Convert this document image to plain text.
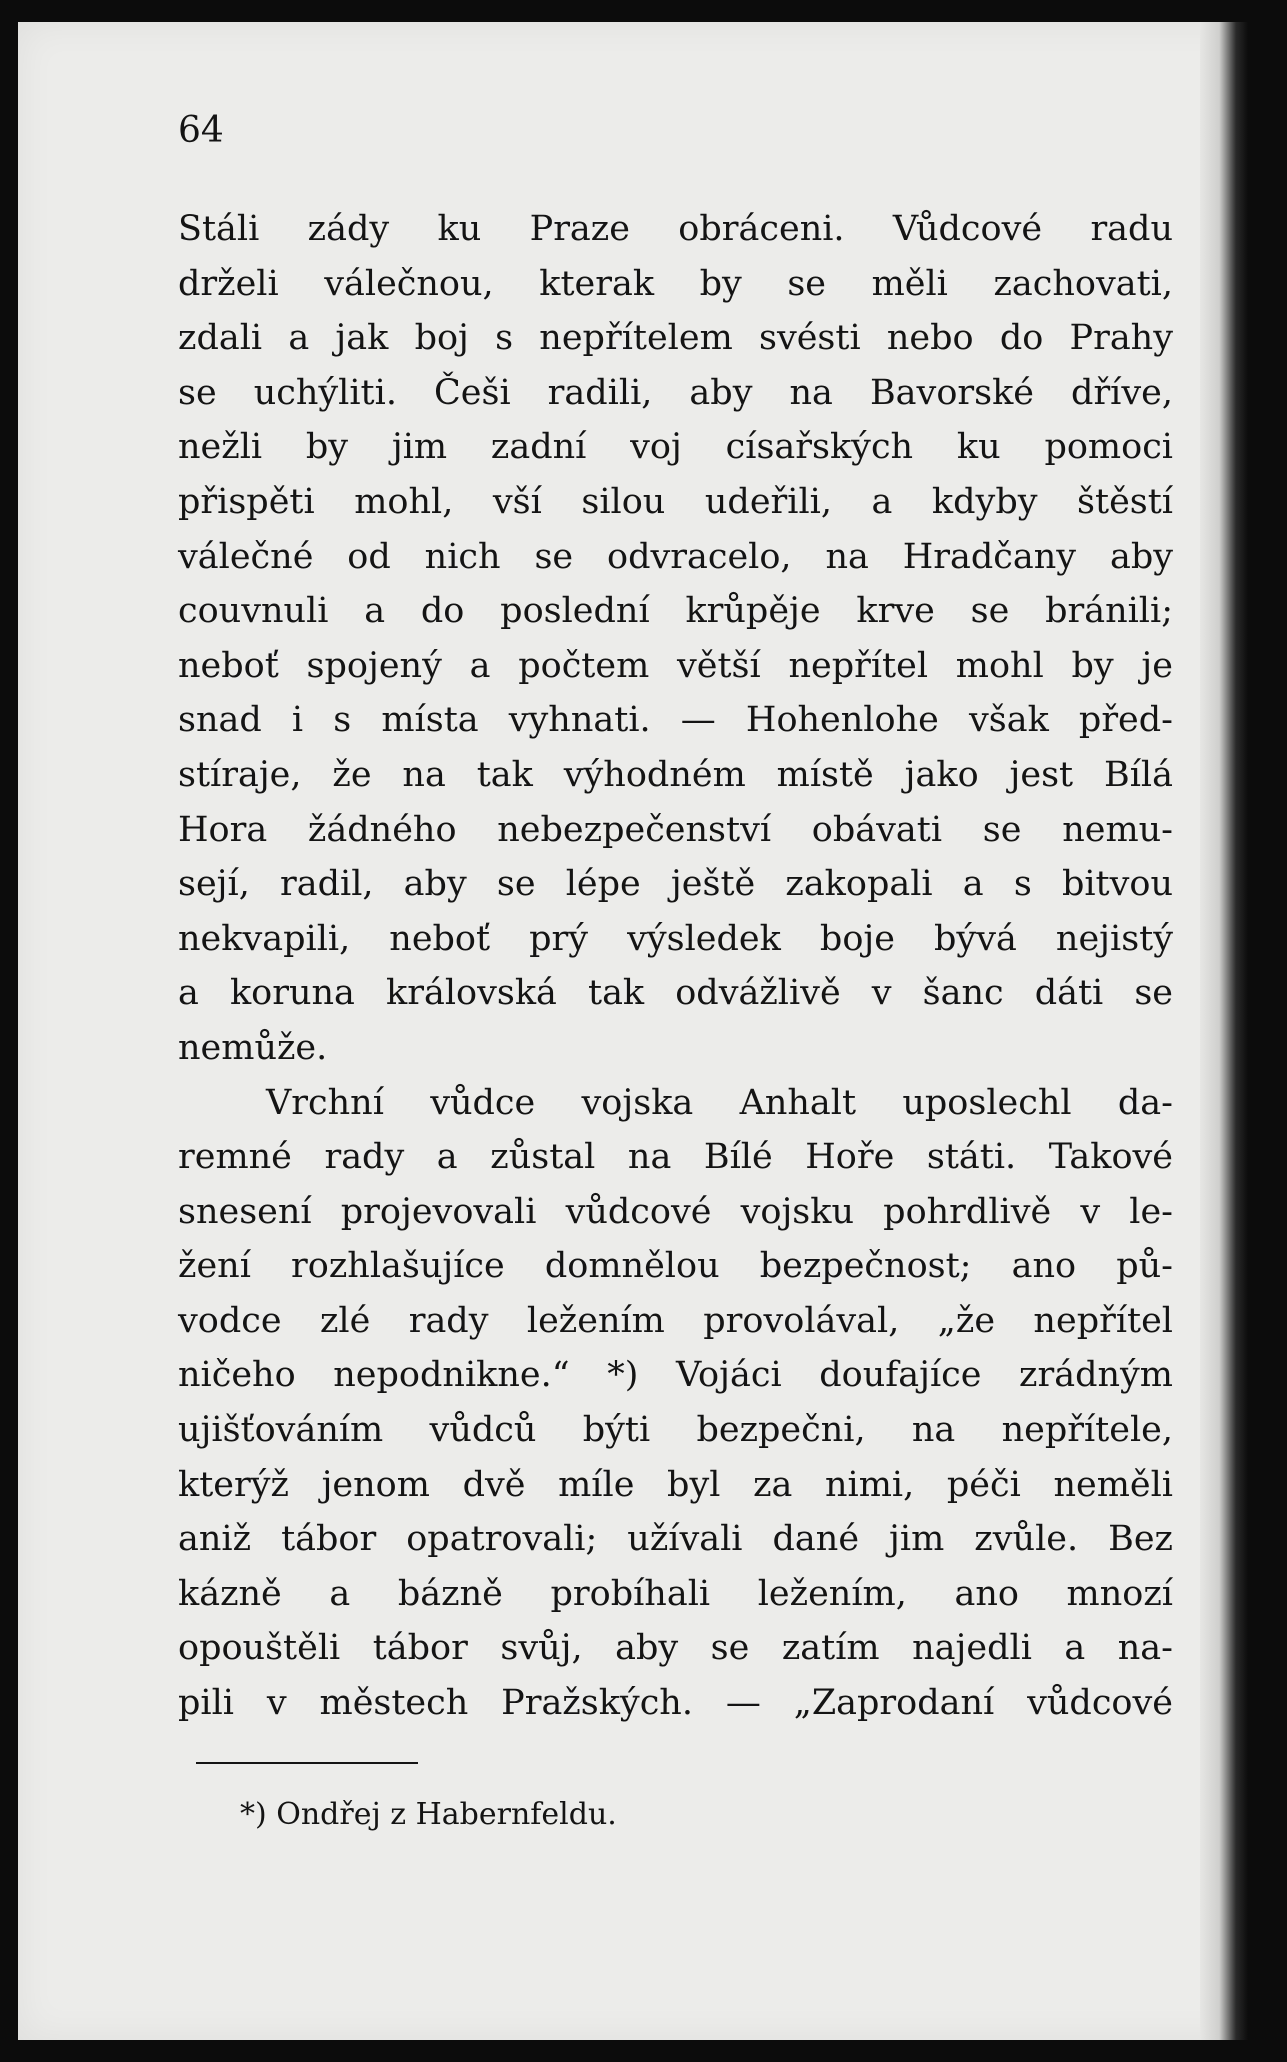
64
Stáli zády ku Praze obráceni. Vůdcové radu
drželi válečnou, kterak by se měli zachovati,
zdali a jak boj s nepřítelem svésti nebo do Prahy
se uchýliti. Češi radili, aby na Bavorské dříve,
nežli by jim zadní voj císařských ku pomoci
přispěti mohl, vší silou udeřili, a kdyby štěstí
válečné od nich se odvracelo, na Hradčany aby
couvnuli a do poslední krůpěje krve se bránili;
neboť spojený a počtem větší nepřítel mohl by je
snad i s místa vyhnati. — Hohenlohe však před-
stíraje, že na tak výhodném místě jako jest Bílá
Hora žádného nebezpečenství obávati se nemu-
sejí, radil, aby se lépe ještě zakopali a s bitvou
nekvapili, neboť prý výsledek boje bývá nejistý
a koruna královská tak odvážlivě v šanc dáti se
nemůže.
Vrchní vůdce vojska Anhalt uposlechl da-
remné rady a zůstal na Bílé Hoře státi. Takové
snesení projevovali vůdcové vojsku pohrdlivě v le-
žení rozhlašujíce domnělou bezpečnost; ano pů-
vodce zlé rady ležením provolával, „že nepřítel
ničeho nepodnikne.“ *) Vojáci doufajíce zrádným
ujišťováním vůdců býti bezpečni, na nepřítele,
kterýž jenom dvě míle byl za nimi, péči neměli
aniž tábor opatrovali; užívali dané jim zvůle. Bez
kázně a bázně probíhali ležením, ano mnozí
opouštěli tábor svůj, aby se zatím najedli a na-
pili v městech Pražských. — „Zaprodaní vůdcové
*) Ondřej z Habernfeldu.
